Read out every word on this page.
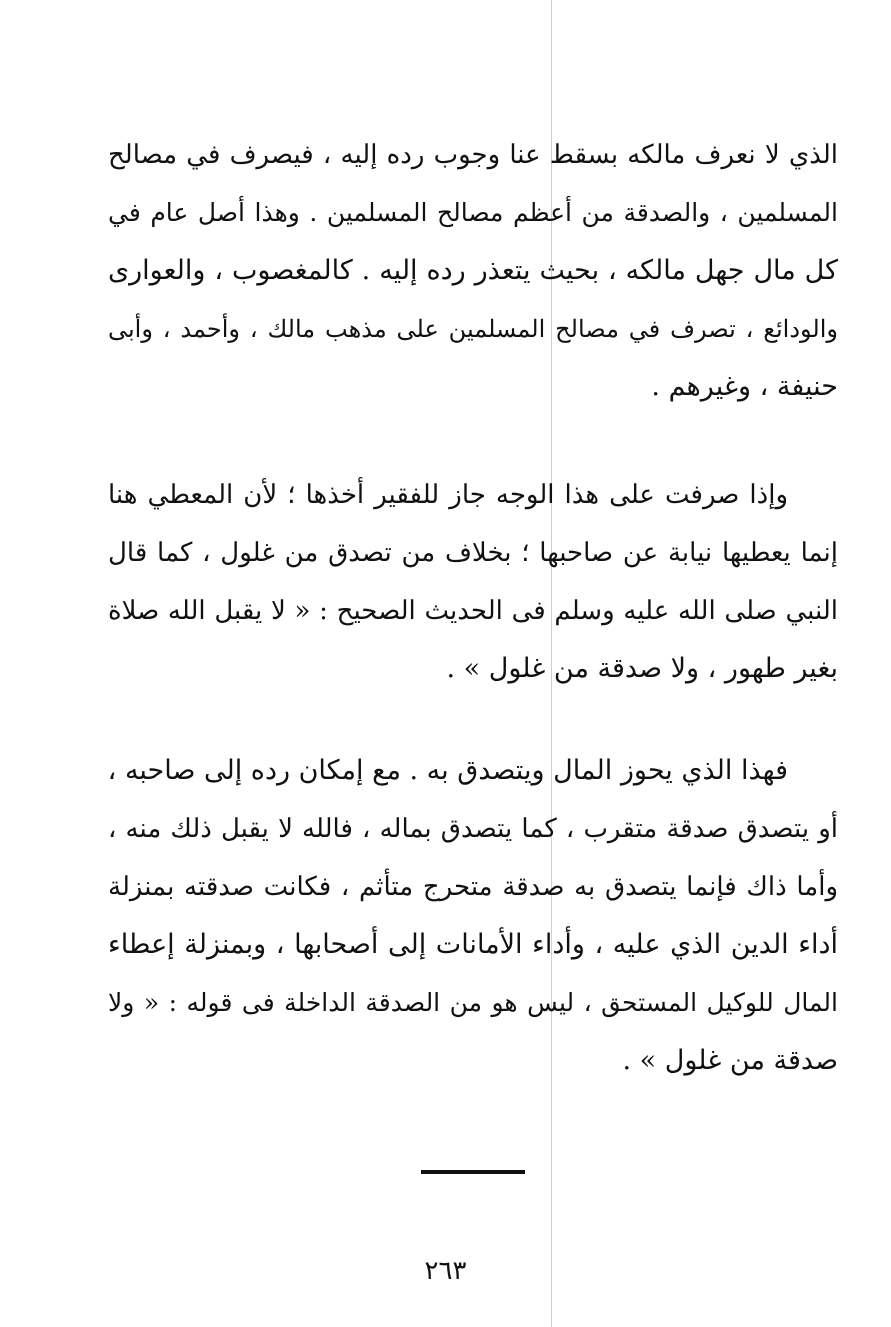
الذي لا نعرف مالكه بسقط عنا وجوب رده إليه ، فيصرف في مصالح
المسلمين ، والصدقة من أعظم مصالح المسلمين . وهذا أصل عام في
كل مال جهل مالكه ، بحيث يتعذر رده إليه . كالمغصوب ، والعوارى
والودائع ، تصرف في مصالح المسلمين على مذهب مالك ، وأحمد ، وأبى
حنيفة ، وغيرهم .
وإذا صرفت على هذا الوجه جاز للفقير أخذها ؛ لأن المعطي هنا
إنما يعطيها نيابة عن صاحبها ؛ بخلاف من تصدق من غلول ، كما قال
النبي صلى الله عليه وسلم فى الحديث الصحيح : « لا يقبل الله صلاة
بغير طهور ، ولا صدقة من غلول » .
فهذا الذي يحوز المال ويتصدق به . مع إمكان رده إلى صاحبه ،
أو يتصدق صدقة متقرب ، كما يتصدق بماله ، فالله لا يقبل ذلك منه ،
وأما ذاك فإنما يتصدق به صدقة متحرج متأثم ، فكانت صدقته بمنزلة
أداء الدين الذي عليه ، وأداء الأمانات إلى أصحابها ، وبمنزلة إعطاء
المال للوكيل المستحق ، ليس هو من الصدقة الداخلة فى قوله : « ولا
صدقة من غلول » .
٢٦٣
